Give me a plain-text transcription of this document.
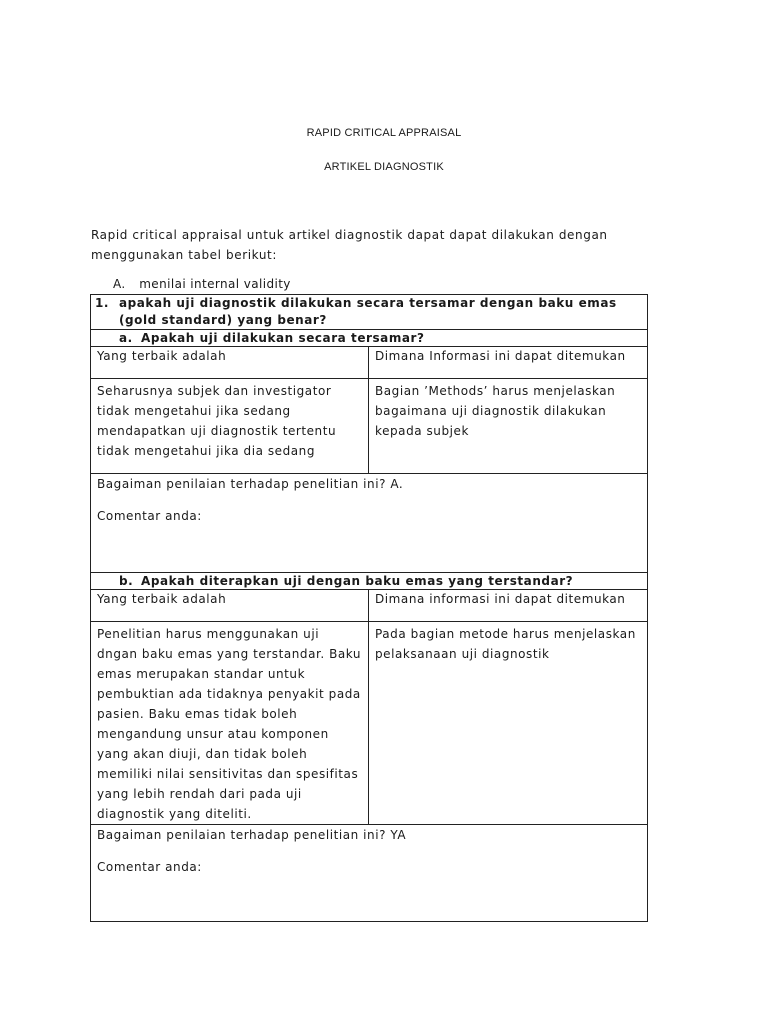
RAPID CRITICAL APPRAISAL
ARTIKEL DIAGNOSTIK
Rapid critical appraisal untuk artikel diagnostik dapat dapat dilakukan dengan menggunakan tabel berikut:
A. menilai internal validity
1. apakah uji diagnostik dilakukan secara tersamar dengan baku emas (gold standard) yang benar?	
a. Apakah uji dilakukan secara tersamar?	
Yang terbaik adalah	Dimana Informasi ini dapat ditemukan
Seharusnya subjek dan investigator tidak mengetahui jika sedang mendapatkan uji diagnostik tertentu tidak mengetahui jika dia sedang	Bagian ’Methods’ harus menjelaskan bagaimana uji diagnostik dilakukan kepada subjek

Bagaiman penilaian terhadap penelitian ini? A.
Comentar anda:	

b. Apakah diterapkan uji dengan baku emas yang terstandar?	
Yang terbaik adalah	Dimana informasi ini dapat ditemukan
Penelitian harus menggunakan uji dngan baku emas yang terstandar. Baku emas merupakan standar untuk pembuktian ada tidaknya penyakit pada pasien. Baku emas tidak boleh mengandung unsur atau komponen yang akan diuji, dan tidak boleh memiliki nilai sensitivitas dan spesifitas yang lebih rendah dari pada uji diagnostik yang diteliti.	Pada bagian metode harus menjelaskan pelaksanaan uji diagnostik

Bagaiman penilaian terhadap penelitian ini? YA
Comentar anda:	
